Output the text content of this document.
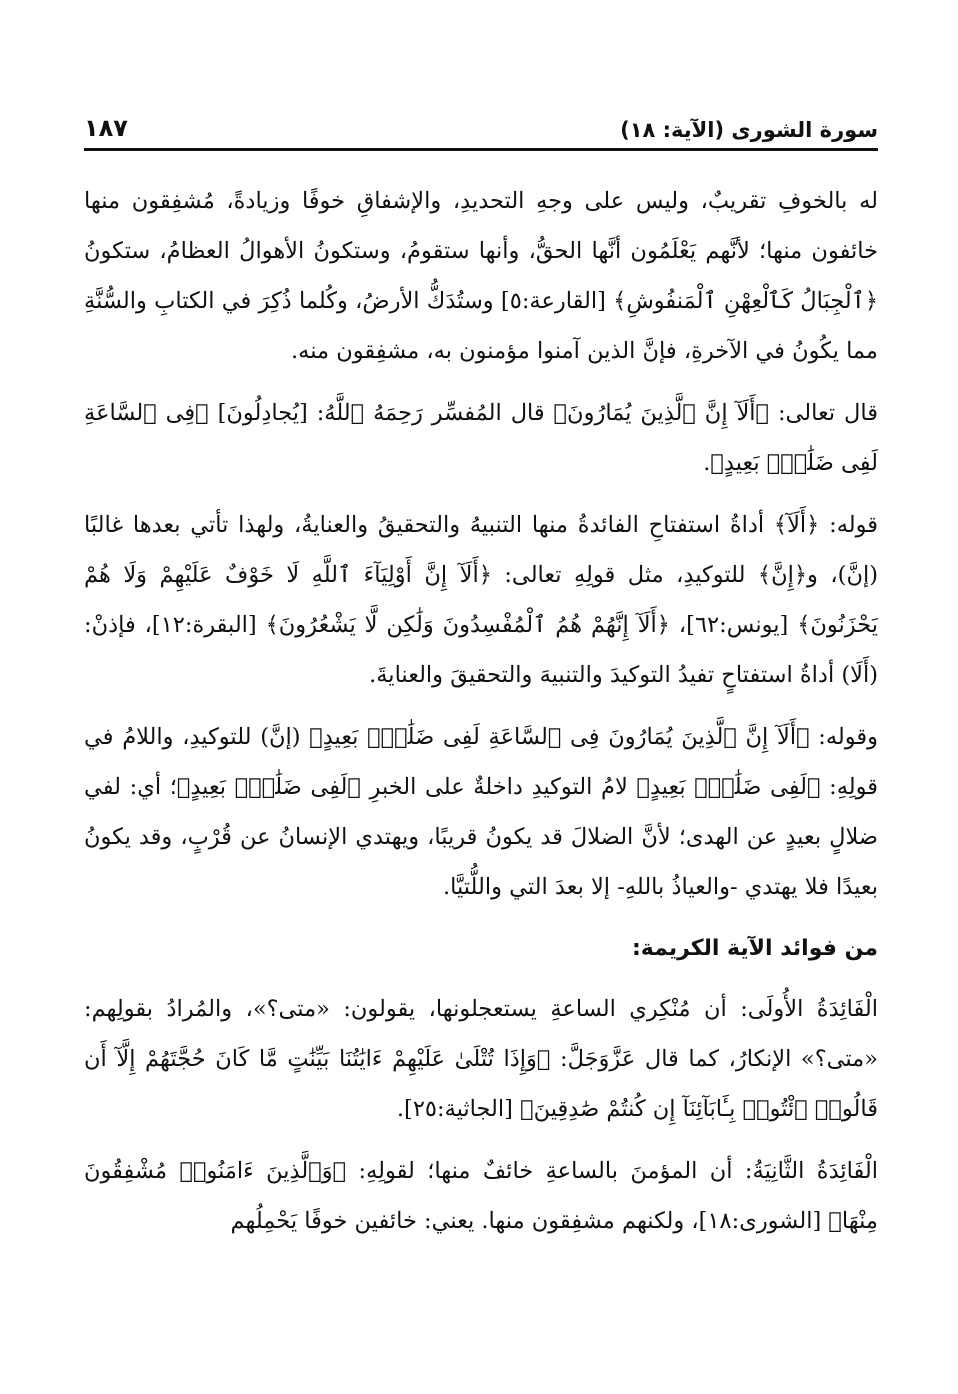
سورة الشورى (الآية: ١٨)
١٨٧

له بالخوفِ تقريبٌ، وليس على وجهِ التحديدِ، والإشفاقِ خوفًا وزيادةً، مُشفِقون منها خائفون منها؛ لأنَّهم يَعْلَمُون أنَّها الحقُّ، وأنها ستقومُ، وستكونُ الأهوالُ العظامُ، ستكونُ ﴿ٱلْجِبَالُ كَٱلْعِهْنِ ٱلْمَنفُوشِ﴾ [القارعة:٥] وستُدَكُّ الأرضُ، وكُلما ذُكِرَ في الكتابِ والسُّنَّةِ مما يكُونُ في الآخرةِ، فإنَّ الذين آمنوا مؤمنون به، مشفِقون منه.

قال تعالى: ﴿أَلَآ إِنَّ ٱلَّذِينَ يُمَارُونَ﴾ قال المُفسِّر رَحِمَهُ ٱللَّهُ: [يُجادِلُونَ] ﴿فِى ٱلسَّاعَةِ لَفِى ضَلَٰلٍۭ بَعِيدٍ﴾.

قوله: ﴿أَلَآ﴾ أداةُ استفتاحِ الفائدةُ منها التنبيهُ والتحقيقُ والعنايةُ، ولهذا تأتي بعدها غالبًا (إنَّ)، و﴿إِنَّ﴾ للتوكيدِ، مثل قولِهِ تعالى: ﴿أَلَآ إِنَّ أَوْلِيَآءَ ٱللَّهِ لَا خَوْفٌ عَلَيْهِمْ وَلَا هُمْ يَحْزَنُونَ﴾ [يونس:٦٢]، ﴿أَلَآ إِنَّهُمْ هُمُ ٱلْمُفْسِدُونَ وَلَٰكِن لَّا يَشْعُرُونَ﴾ [البقرة:١٢]، فإذنْ: (أَلَا) أداةُ استفتاحٍ تفيدُ التوكيدَ والتنبيهَ والتحقيقَ والعنايةَ.

وقوله: ﴿أَلَآ إِنَّ ٱلَّذِينَ يُمَارُونَ فِى ٱلسَّاعَةِ لَفِى ضَلَٰلٍۭ بَعِيدٍ﴾ (إنَّ) للتوكيدِ، واللامُ في قولِهِ: ﴿لَفِى ضَلَٰلٍۭ بَعِيدٍ﴾ لامُ التوكيدِ داخلةٌ على الخبرِ ﴿لَفِى ضَلَٰلٍۭ بَعِيدٍ﴾؛ أي: لفي ضلالٍ بعيدٍ عن الهدى؛ لأنَّ الضلالَ قد يكونُ قريبًا، ويهتدي الإنسانُ عن قُرْبٍ، وقد يكونُ بعيدًا فلا يهتدي -والعياذُ باللهِ- إلا بعدَ التي واللُّتيَّا.

من فوائد الآية الكريمة:

الْفَائِدَةُ الأُولَى: أن مُنْكِري الساعةِ يستعجلونها، يقولون: «متى؟»، والمُرادُ بقولِهم: «متى؟» الإنكارُ، كما قال عَزَّوَجَلَّ: ﴿وَإِذَا تُتْلَىٰ عَلَيْهِمْ ءَايَٰتُنَا بَيِّنَٰتٍ مَّا كَانَ حُجَّتَهُمْ إِلَّآ أَن قَالُوا۟ ٱئْتُوا۟ بِـَٔابَآئِنَآ إِن كُنتُمْ صَٰدِقِينَ﴾ [الجاثية:٢٥].

الْفَائِدَةُ الثَّانِيَةُ: أن المؤمنَ بالساعةِ خائفٌ منها؛ لقولِهِ: ﴿وَٱلَّذِينَ ءَامَنُوا۟ مُشْفِقُونَ مِنْهَا﴾ [الشورى:١٨]، ولكنهم مشفِقون منها. يعني: خائفين خوفًا يَحْمِلُهم
